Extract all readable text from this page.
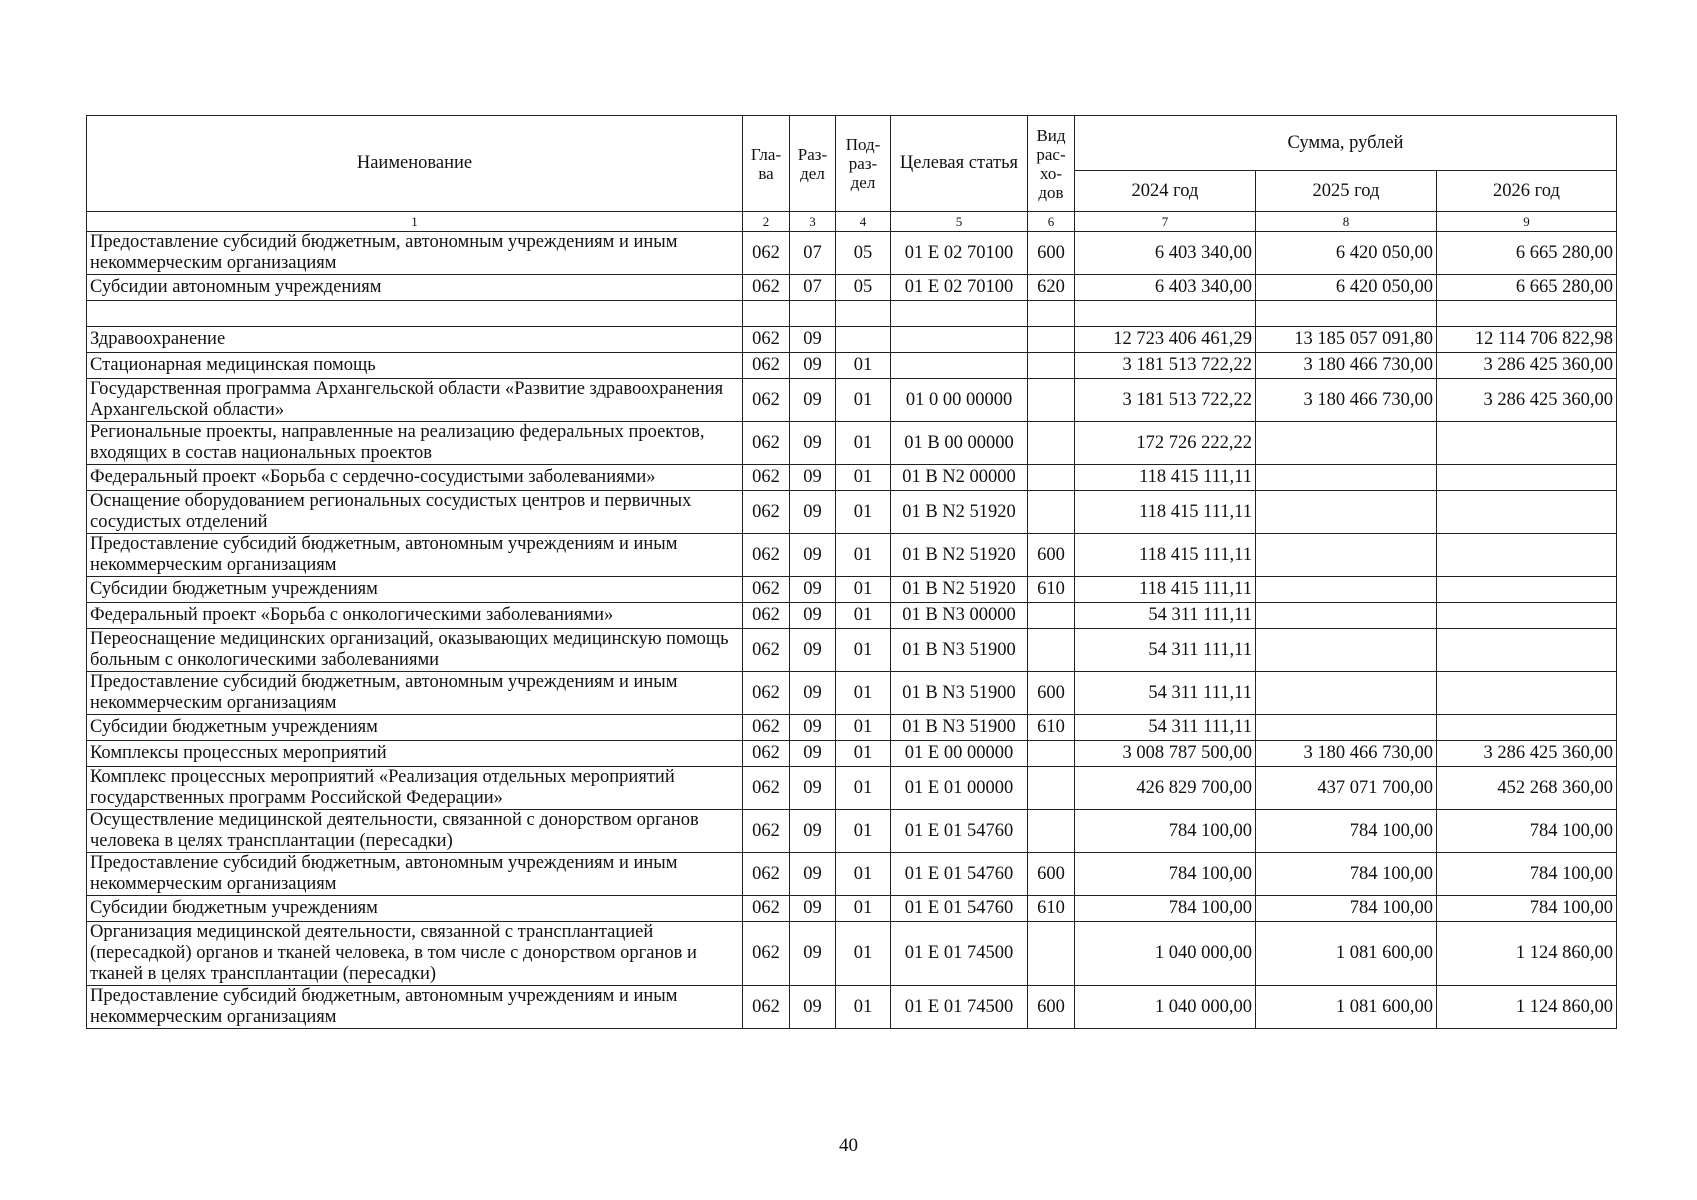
Наименование	Гла-ва	Раз-дел	Под-раз-дел	Целевая статья	Вид рас-хо-дов	Сумма, рублей		
						2024 год	2025 год	2026 год
1	2	3	4	5	6	7	8	9
Предоставление субсидий бюджетным, автономным учреждениям и иным некоммерческим организациям	062	07	05	01 Е 02 70100	600	6 403 340,00	6 420 050,00	6 665 280,00
Субсидии автономным учреждениям	062	07	05	01 Е 02 70100	620	6 403 340,00	6 420 050,00	6 665 280,00

Здравоохранение	062	09				12 723 406 461,29	13 185 057 091,80	12 114 706 822,98
Стационарная медицинская помощь	062	09	01			3 181 513 722,22	3 180 466 730,00	3 286 425 360,00
Государственная программа Архангельской области «Развитие здравоохранения Архангельской области»	062	09	01	01 0 00 00000		3 181 513 722,22	3 180 466 730,00	3 286 425 360,00
Региональные проекты, направленные на реализацию федеральных проектов, входящих в состав национальных проектов	062	09	01	01 В 00 00000		172 726 222,22		
Федеральный проект «Борьба с сердечно-сосудистыми заболеваниями»	062	09	01	01 В N2 00000		118 415 111,11		
Оснащение оборудованием региональных сосудистых центров и первичных сосудистых отделений	062	09	01	01 В N2 51920		118 415 111,11		
Предоставление субсидий бюджетным, автономным учреждениям и иным некоммерческим организациям	062	09	01	01 В N2 51920	600	118 415 111,11		
Субсидии бюджетным учреждениям	062	09	01	01 В N2 51920	610	118 415 111,11		
Федеральный проект «Борьба с онкологическими заболеваниями»	062	09	01	01 В N3 00000		54 311 111,11		
Переоснащение медицинских организаций, оказывающих медицинскую помощь больным с онкологическими заболеваниями	062	09	01	01 В N3 51900		54 311 111,11		
Предоставление субсидий бюджетным, автономным учреждениям и иным некоммерческим организациям	062	09	01	01 В N3 51900	600	54 311 111,11		
Субсидии бюджетным учреждениям	062	09	01	01 В N3 51900	610	54 311 111,11		
Комплексы процессных мероприятий	062	09	01	01 Е 00 00000		3 008 787 500,00	3 180 466 730,00	3 286 425 360,00
Комплекс процессных мероприятий «Реализация отдельных мероприятий государственных программ Российской Федерации»	062	09	01	01 Е 01 00000		426 829 700,00	437 071 700,00	452 268 360,00
Осуществление медицинской деятельности, связанной с донорством органов человека в целях трансплантации (пересадки)	062	09	01	01 Е 01 54760		784 100,00	784 100,00	784 100,00
Предоставление субсидий бюджетным, автономным учреждениям и иным некоммерческим организациям	062	09	01	01 Е 01 54760	600	784 100,00	784 100,00	784 100,00
Субсидии бюджетным учреждениям	062	09	01	01 Е 01 54760	610	784 100,00	784 100,00	784 100,00
Организация медицинской деятельности, связанной с трансплантацией (пересадкой) органов и тканей человека, в том числе с донорством органов и тканей в целях трансплантации (пересадки)	062	09	01	01 Е 01 74500		1 040 000,00	1 081 600,00	1 124 860,00
Предоставление субсидий бюджетным, автономным учреждениям и иным некоммерческим организациям	062	09	01	01 Е 01 74500	600	1 040 000,00	1 081 600,00	1 124 860,00
40
